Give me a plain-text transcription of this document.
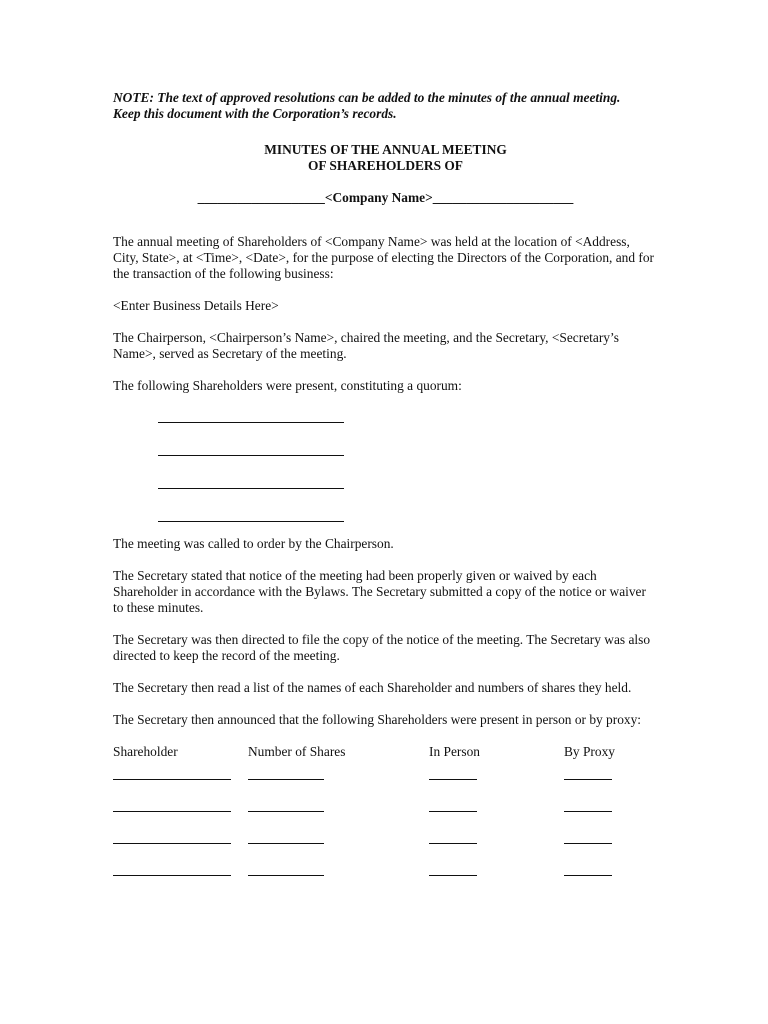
NOTE: The text of approved resolutions can be added to the minutes of the annual meeting.

Keep this document with the Corporation’s records.

MINUTES OF THE ANNUAL MEETING

OF SHAREHOLDERS OF

___________________<Company Name>_____________________

The annual meeting of Shareholders of <Company Name> was held at the location of <Address, City, State>, at <Time>, <Date>, for the purpose of electing the Directors of the Corporation, and for the transaction of the following business:

<Enter Business Details Here>

The Chairperson, <Chairperson’s Name>, chaired the meeting, and the Secretary, <Secretary’s Name>, served as Secretary of the meeting.

The following Shareholders were present, constituting a quorum:

The meeting was called to order by the Chairperson.

The Secretary stated that notice of the meeting had been properly given or waived by each Shareholder in accordance with the Bylaws. The Secretary submitted a copy of the notice or waiver to these minutes.

The Secretary was then directed to file the copy of the notice of the meeting. The Secretary was also directed to keep the record of the meeting.

The Secretary then read a list of the names of each Shareholder and numbers of shares they held.

The Secretary then announced that the following Shareholders were present in person or by proxy:

Shareholder	Number of Shares	In Person	By Proxy
